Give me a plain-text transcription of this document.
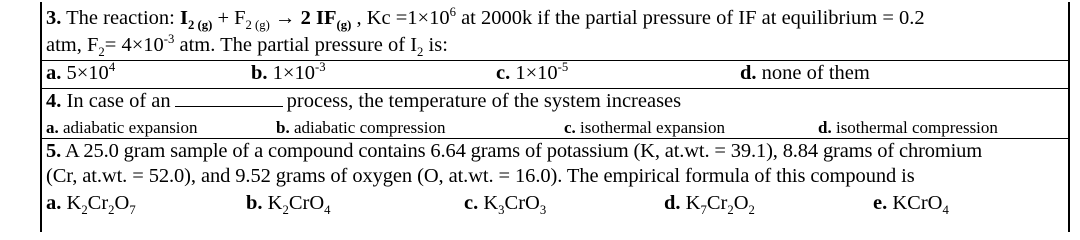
3. The reaction: $I_{2 (g)} + F_{2 (g)} \to 2$ $IF_{(g)}$ , $Kc =1\times 10^6$ at 2000k if the partial pressure of IF at equilibrium = 0.2
atm, $F_2= 4\times 10^{-3}$ atm. The partial pressure of $I_2$ is:
a. $5\times 10^4$	b. $1\times 10^{-3}$	c. $1\times 10^{-5}$	d. none of them
4. In case of an	process, the temperature of the system increases
a. adiabatic expansion	b. adiabatic compression	c. isothermal expansion	d. isothermal compression
5. A 25.0 gram sample of a compound contains 6.64 grams of potassium (K, at.wt. = 39.1), 8.84 grams of chromium
(Cr, at.wt. = 52.0), and 9.52 grams of oxygen (O, at.wt. = 16.0). The empirical formula of this compound is
a. $K_2Cr_2O_7$	b. $K_2CrO_4$	c. $K_3CrO_3$	d. $K_7Cr_2O_2$	e. KCrO$_4$
